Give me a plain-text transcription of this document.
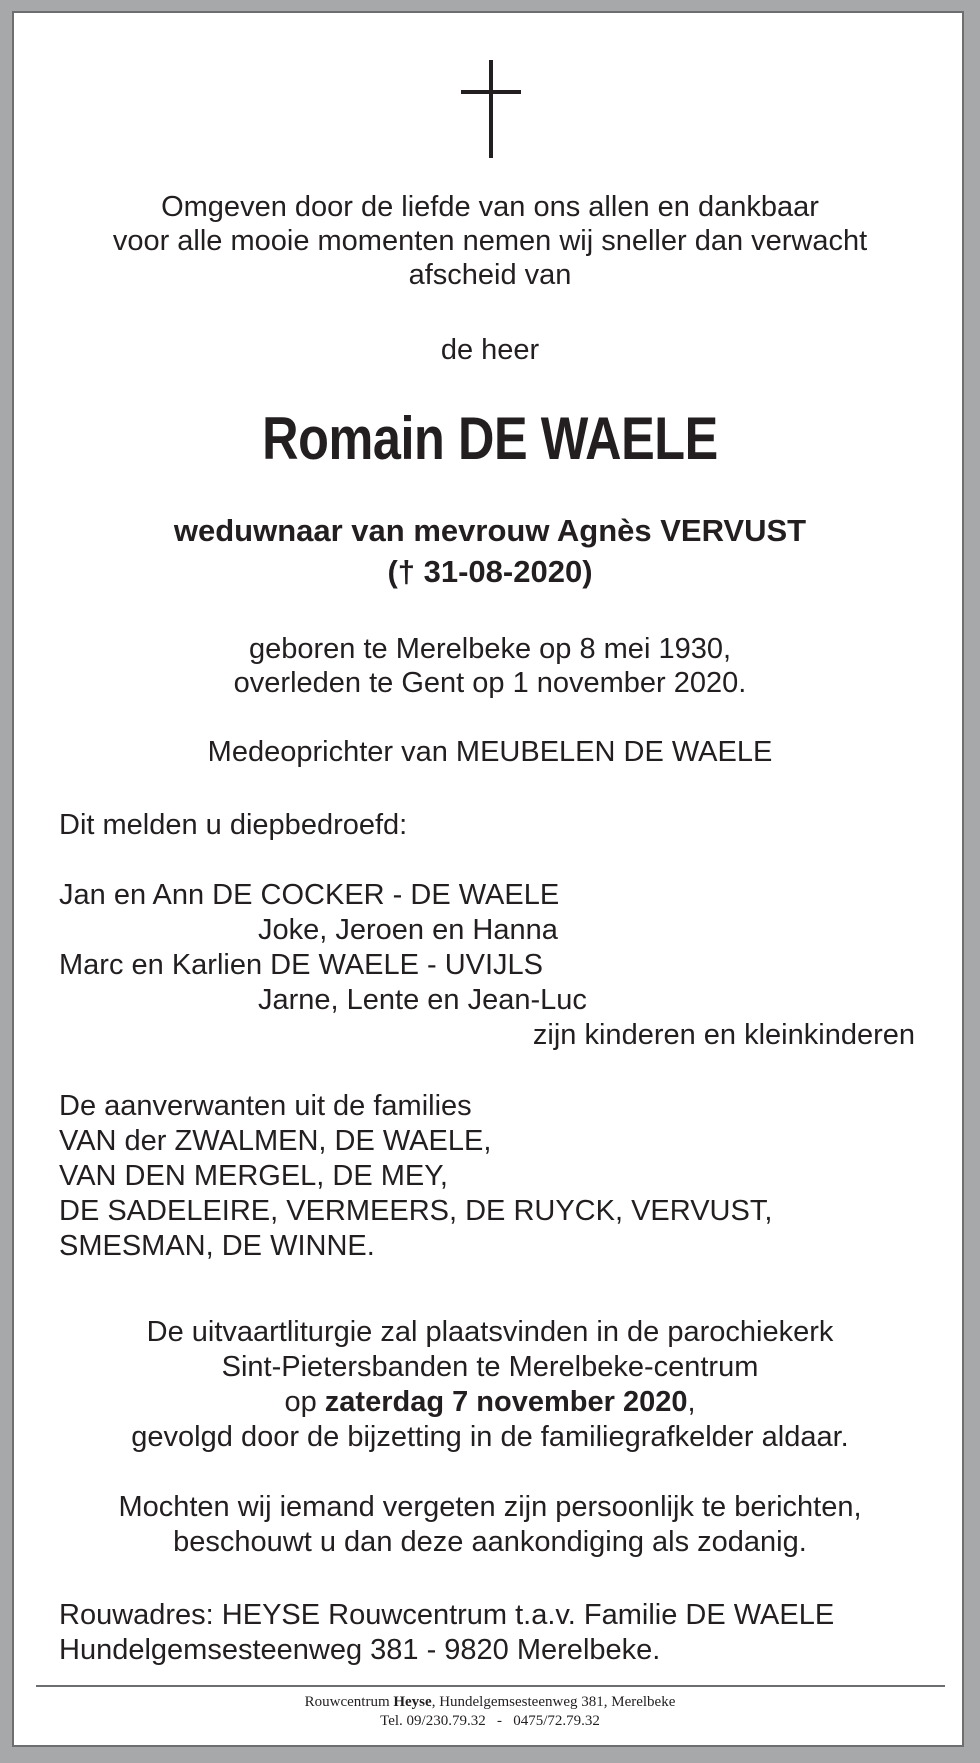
Omgeven door de liefde van ons allen en dankbaar
voor alle mooie momenten nemen wij sneller dan verwacht
afscheid van
de heer
Romain DE WAELE
weduwnaar van mevrouw Agnès VERVUST
(† 31-08-2020)
geboren te Merelbeke op 8 mei 1930,
overleden te Gent op 1 november 2020.
Medeoprichter van MEUBELEN DE WAELE
Dit melden u diepbedroefd:
Jan en Ann DE COCKER - DE WAELE
Joke, Jeroen en Hanna
Marc en Karlien DE WAELE - UVIJLS
Jarne, Lente en Jean-Luc
zijn kinderen en kleinkinderen
De aanverwanten uit de families
VAN der ZWALMEN, DE WAELE,
VAN DEN MERGEL, DE MEY,
DE SADELEIRE, VERMEERS, DE RUYCK, VERVUST,
SMESMAN, DE WINNE.
De uitvaartliturgie zal plaatsvinden in de parochiekerk
Sint-Pietersbanden te Merelbeke-centrum
op zaterdag 7 november 2020,
gevolgd door de bijzetting in de familiegrafkelder aldaar.
Mochten wij iemand vergeten zijn persoonlijk te berichten,
beschouwt u dan deze aankondiging als zodanig.
Rouwadres: HEYSE Rouwcentrum t.a.v. Familie DE WAELE
Hundelgemsesteenweg 381 - 9820 Merelbeke.
Rouwcentrum Heyse, Hundelgemsesteenweg 381, Merelbeke
Tel. 09/230.79.32   -   0475/72.79.32
